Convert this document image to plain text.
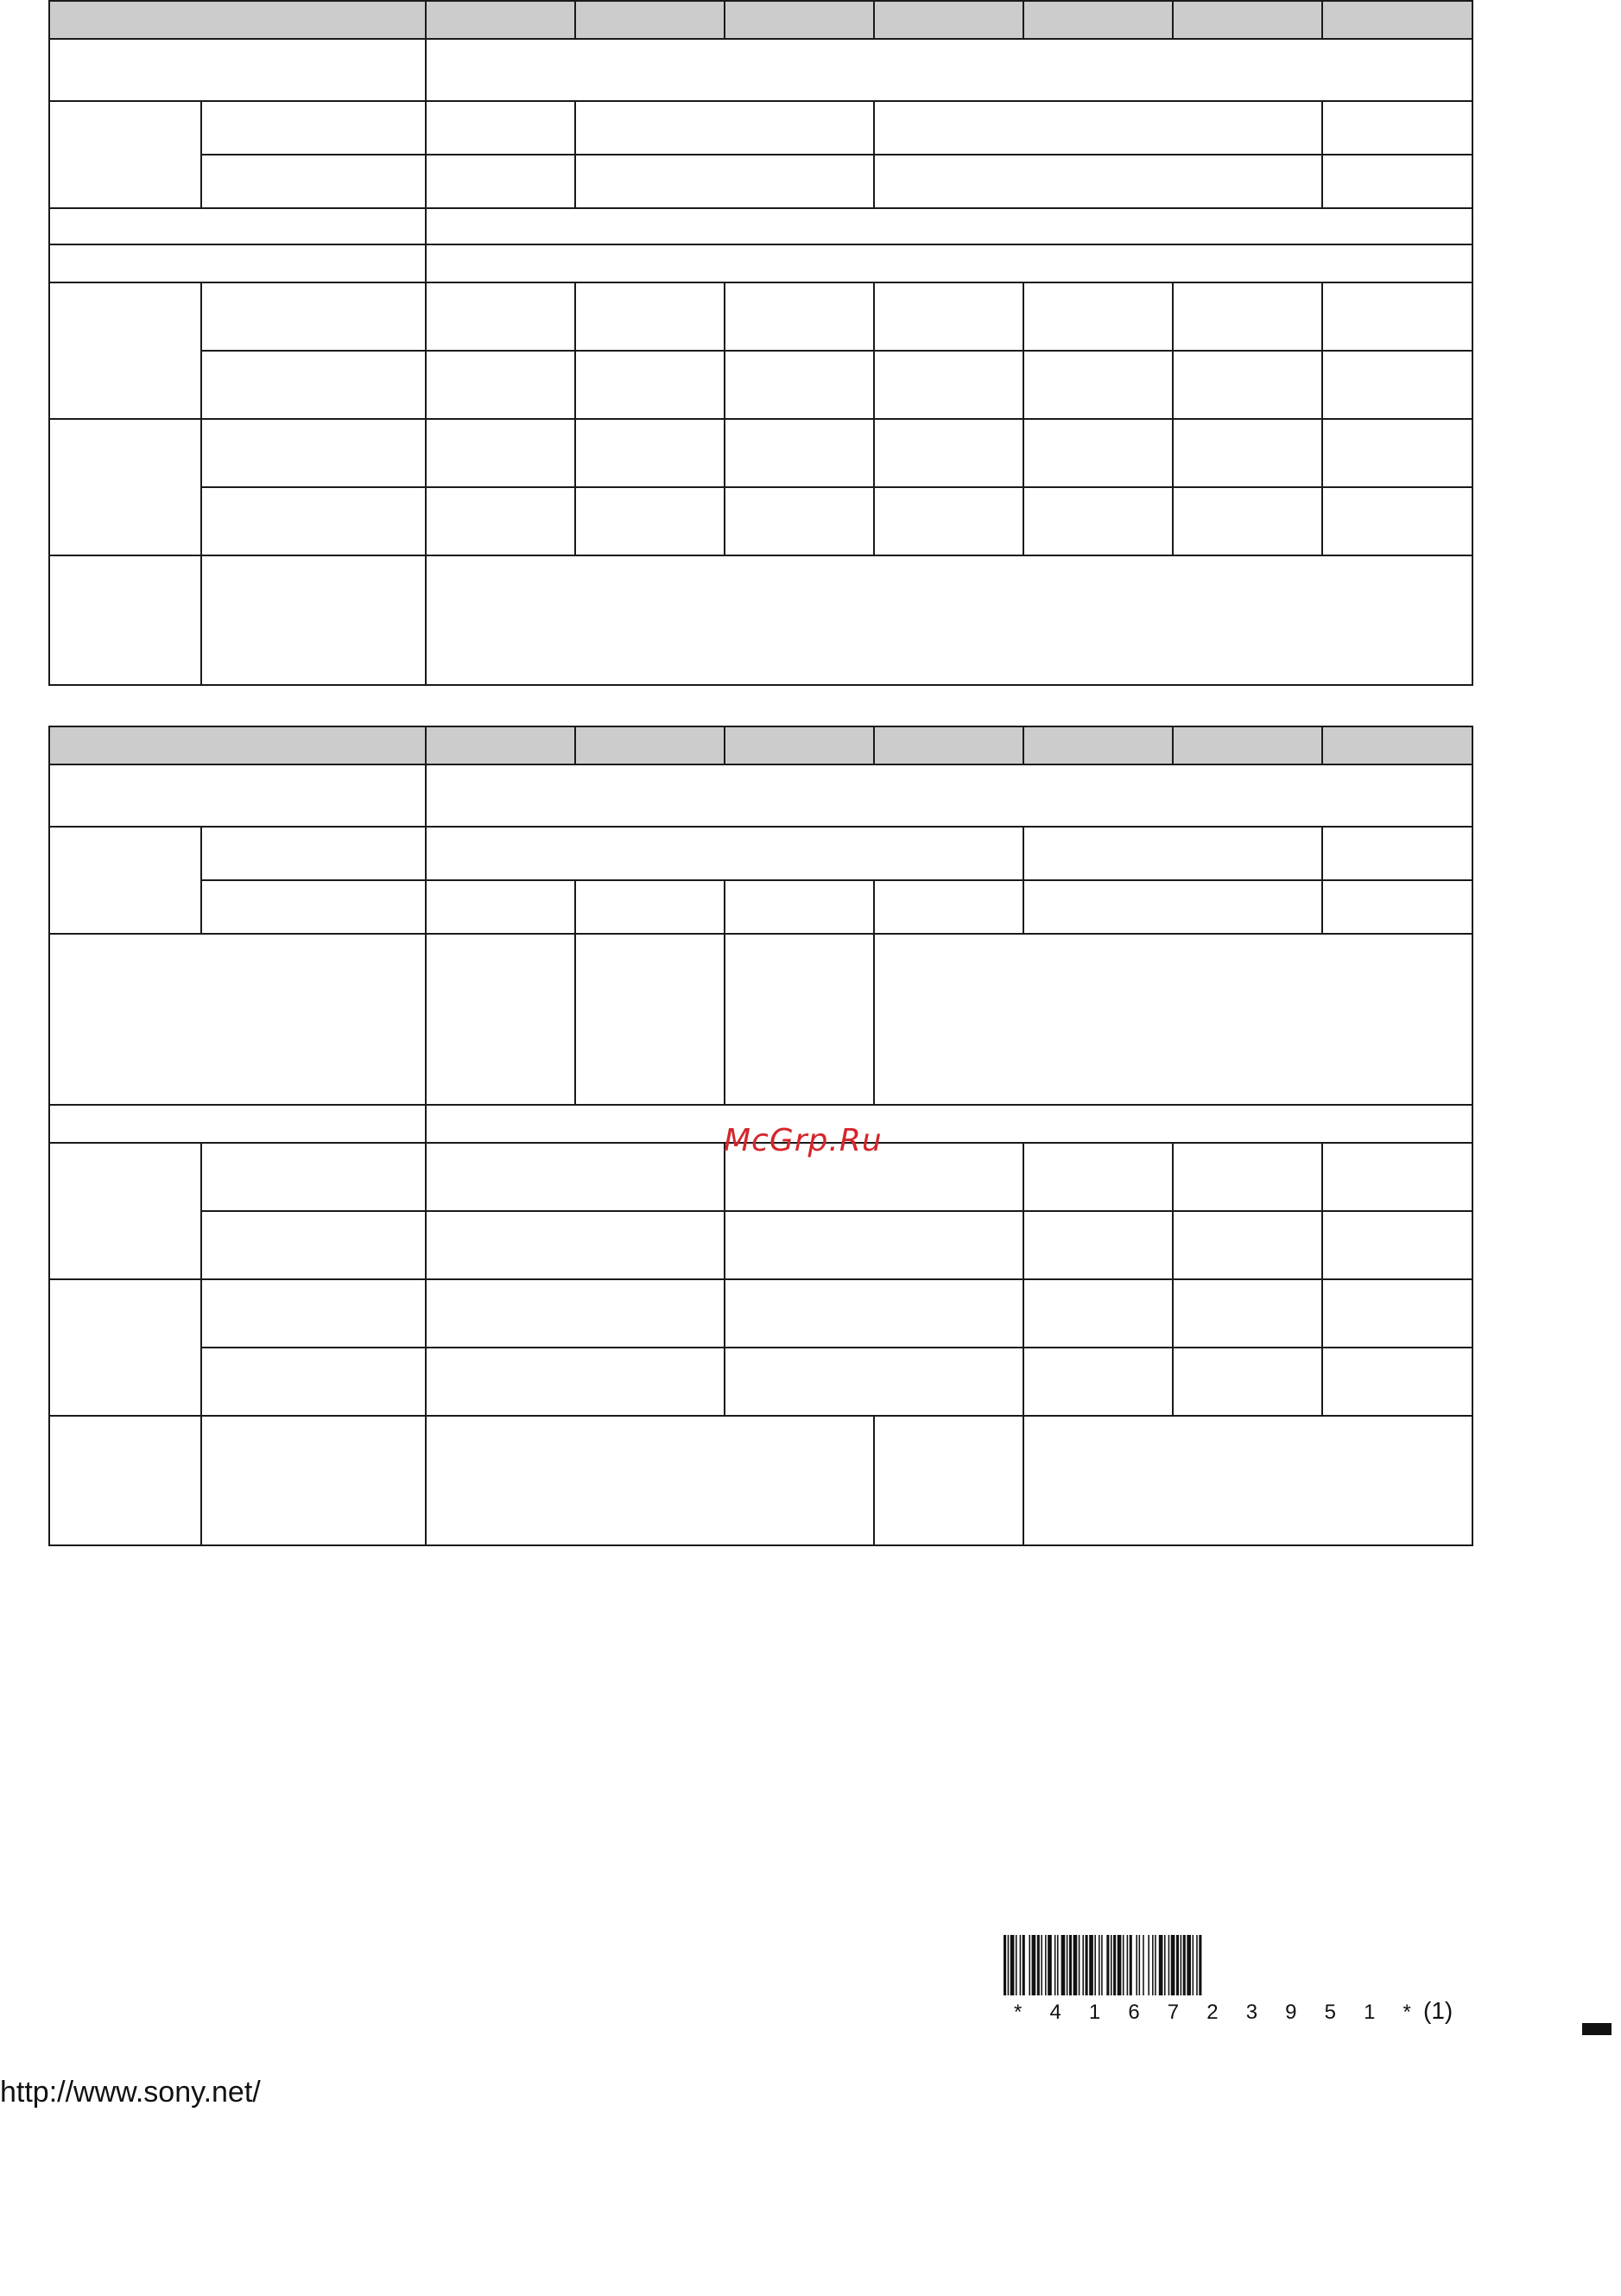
McGrp.Ru
* 4 1 6 7 2 3 9 5 1 * (1)
http://www.sony.net/
